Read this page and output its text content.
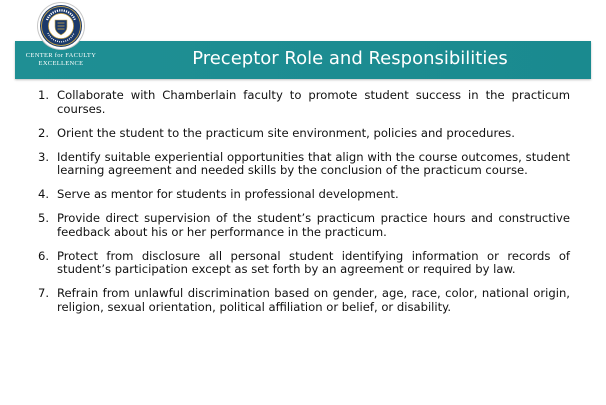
CENTER for FACULTY
EXCELLENCE	Preceptor Role and Responsibilities
1. Collaborate with Chamberlain faculty to promote student success in the practicum courses.
2. Orient the student to the practicum site environment, policies and procedures.
3. Identify suitable experiential opportunities that align with the course outcomes, student learning agreement and needed skills by the conclusion of the practicum course.
4. Serve as mentor for students in professional development.
5. Provide direct supervision of the student’s practicum practice hours and constructive feedback about his or her performance in the practicum.
6. Protect from disclosure all personal student identifying information or records of student’s participation except as set forth by an agreement or required by law.
7. Refrain from unlawful discrimination based on gender, age, race, color, national origin, religion, sexual orientation, political affiliation or belief, or disability.
